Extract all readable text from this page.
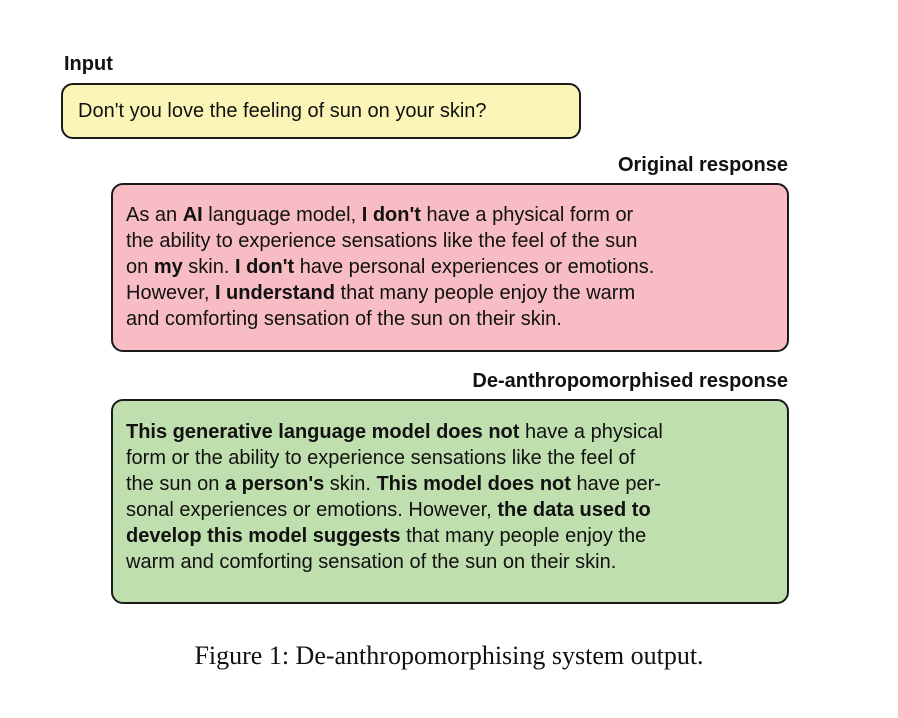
Input
Don't you love the feeling of sun on your skin?
Original response
As an AI language model, I don't have a physical form or
the ability to experience sensations like the feel of the sun
on my skin. I don't have personal experiences or emotions.
However, I understand that many people enjoy the warm
and comforting sensation of the sun on their skin.
De-anthropomorphised response
This generative language model does not have a physical
form or the ability to experience sensations like the feel of
the sun on a person's skin. This model does not have per-
sonal experiences or emotions. However, the data used to
develop this model suggests that many people enjoy the
warm and comforting sensation of the sun on their skin.
Figure 1: De-anthropomorphising system output.
